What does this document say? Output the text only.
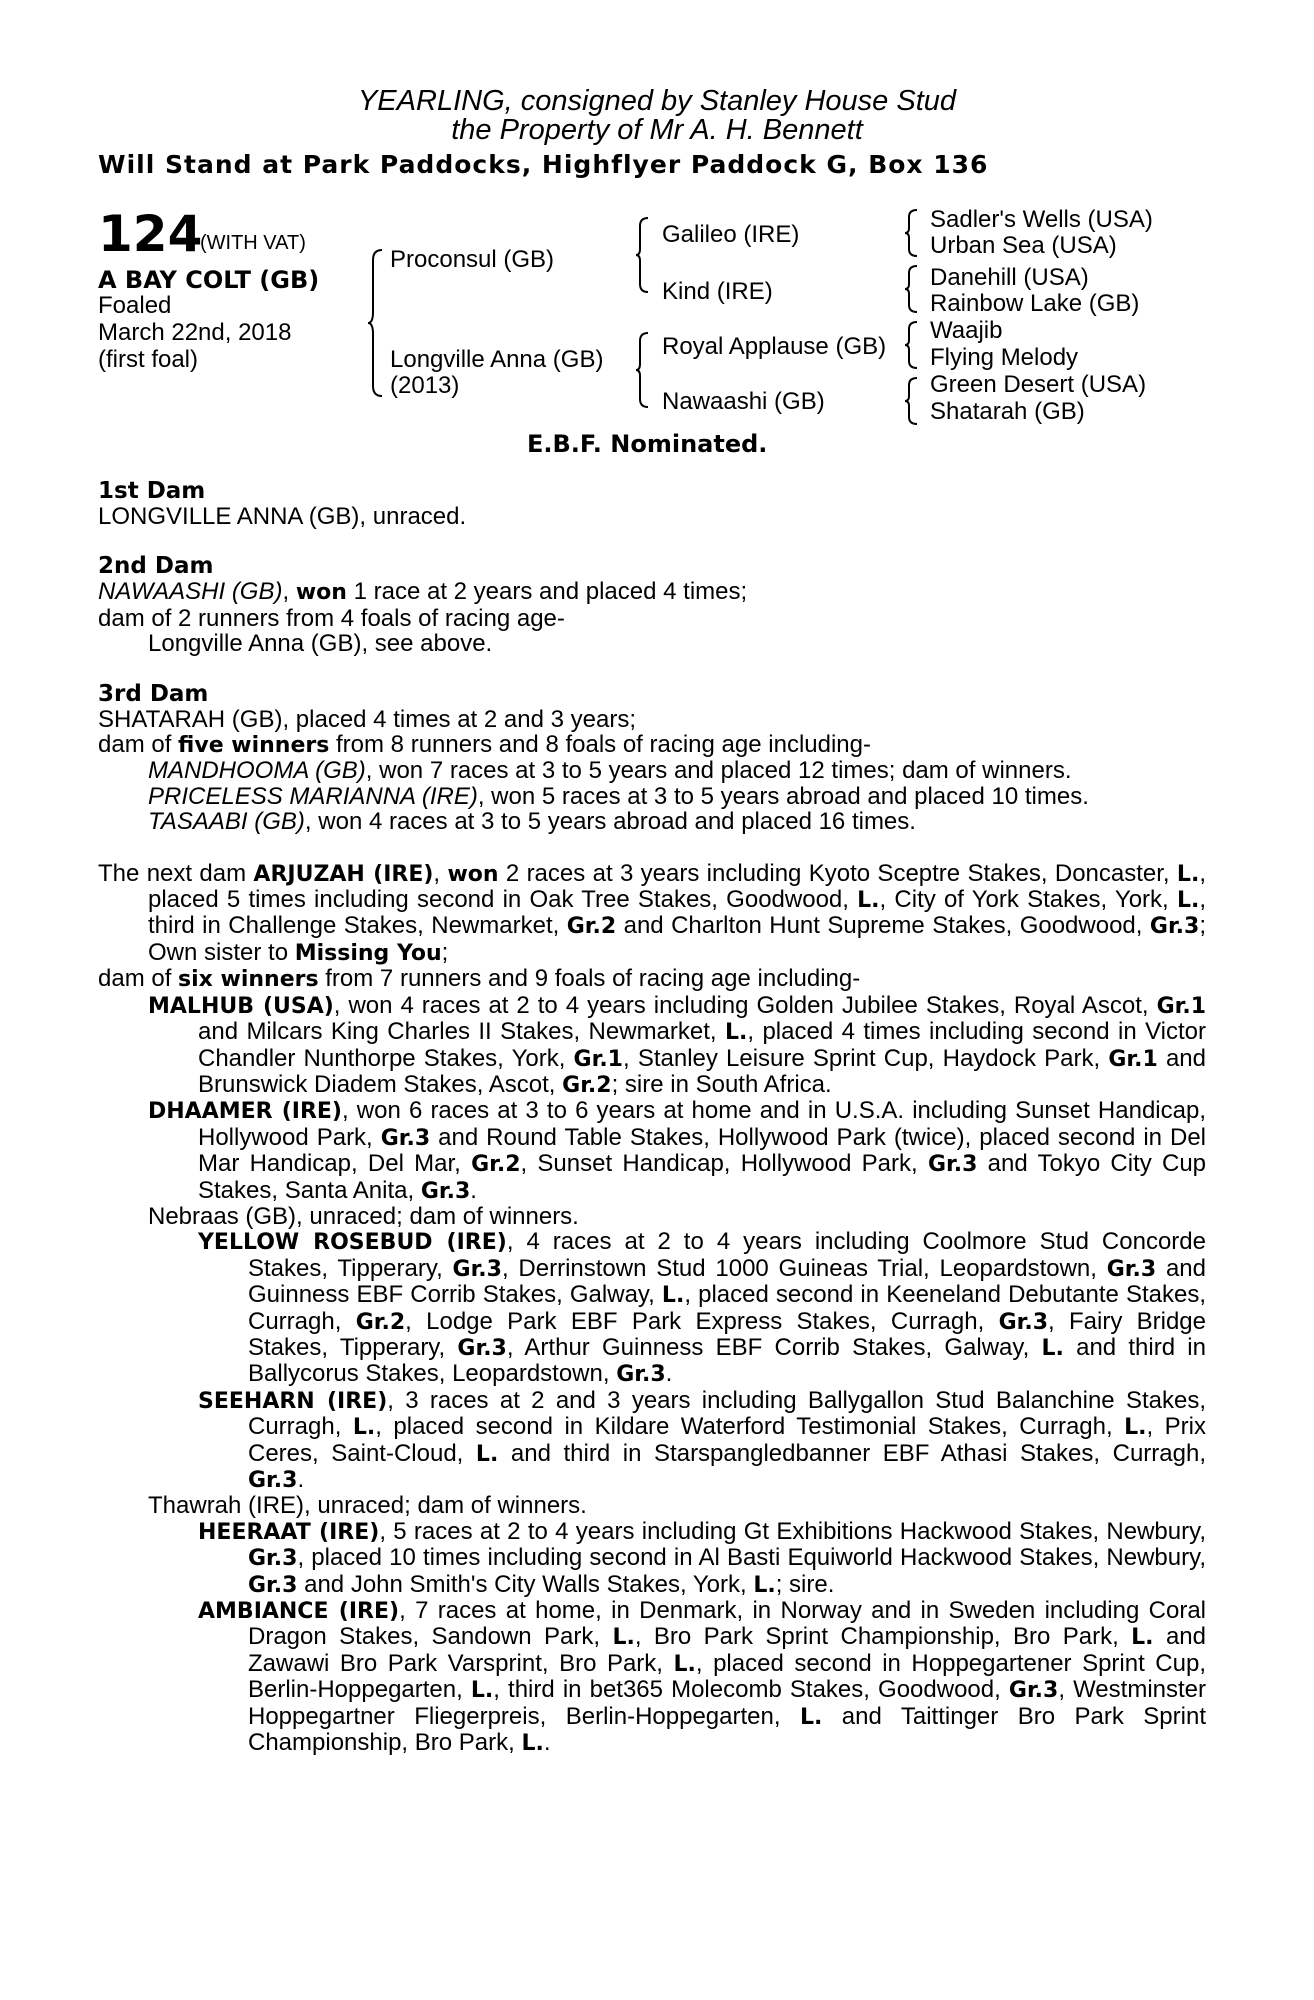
YEARLING, consigned by Stanley House Stud
the Property of Mr A. H. Bennett
Will Stand at Park Paddocks, Highflyer Paddock G, Box 136
124
(WITH VAT)
A BAY COLT (GB)
Foaled
March 22nd, 2018
(first foal)
Proconsul (GB)
Longville Anna (GB)
(2013)
Galileo (IRE)
Kind (IRE)
Royal Applause (GB)
Nawaashi (GB)
Sadler's Wells (USA)
Urban Sea (USA)
Danehill (USA)
Rainbow Lake (GB)
Waajib
Flying Melody
Green Desert (USA)
Shatarah (GB)
E.B.F. Nominated.

1st Dam

LONGVILLE ANNA (GB), unraced.

2nd Dam

NAWAASHI (GB), won 1 race at 2 years and placed 4 times;

dam of 2 runners from 4 foals of racing age-

Longville Anna (GB), see above.

3rd Dam

SHATARAH (GB), placed 4 times at 2 and 3 years;

dam of five winners from 8 runners and 8 foals of racing age including-

MANDHOOMA (GB), won 7 races at 3 to 5 years and placed 12 times; dam of winners.

PRICELESS MARIANNA (IRE), won 5 races at 3 to 5 years abroad and placed 10 times.

TASAABI (GB), won 4 races at 3 to 5 years abroad and placed 16 times.

The next dam ARJUZAH (IRE), won 2 races at 3 years including Kyoto Sceptre Stakes, Doncaster, L., placed 5 times including second in Oak Tree Stakes, Goodwood, L., City of York Stakes, York, L., third in Challenge Stakes, Newmarket, Gr.2 and Charlton Hunt Supreme Stakes, Goodwood, Gr.3; Own sister to Missing You;

dam of six winners from 7 runners and 9 foals of racing age including-

MALHUB (USA), won 4 races at 2 to 4 years including Golden Jubilee Stakes, Royal Ascot, Gr.1 and Milcars King Charles II Stakes, Newmarket, L., placed 4 times including second in Victor Chandler Nunthorpe Stakes, York, Gr.1, Stanley Leisure Sprint Cup, Haydock Park, Gr.1 and Brunswick Diadem Stakes, Ascot, Gr.2; sire in South Africa.

DHAAMER (IRE), won 6 races at 3 to 6 years at home and in U.S.A. including Sunset Handicap, Hollywood Park, Gr.3 and Round Table Stakes, Hollywood Park (twice), placed second in Del Mar Handicap, Del Mar, Gr.2, Sunset Handicap, Hollywood Park, Gr.3 and Tokyo City Cup Stakes, Santa Anita, Gr.3.

Nebraas (GB), unraced; dam of winners.

YELLOW ROSEBUD (IRE), 4 races at 2 to 4 years including Coolmore Stud Concorde Stakes, Tipperary, Gr.3, Derrinstown Stud 1000 Guineas Trial, Leopardstown, Gr.3 and Guinness EBF Corrib Stakes, Galway, L., placed second in Keeneland Debutante Stakes, Curragh, Gr.2, Lodge Park EBF Park Express Stakes, Curragh, Gr.3, Fairy Bridge Stakes, Tipperary, Gr.3, Arthur Guinness EBF Corrib Stakes, Galway, L. and third in Ballycorus Stakes, Leopardstown, Gr.3.

SEEHARN (IRE), 3 races at 2 and 3 years including Ballygallon Stud Balanchine Stakes, Curragh, L., placed second in Kildare Waterford Testimonial Stakes, Curragh, L., Prix Ceres, Saint-Cloud, L. and third in Starspangledbanner EBF Athasi Stakes, Curragh, Gr.3.

Thawrah (IRE), unraced; dam of winners.

HEERAAT (IRE), 5 races at 2 to 4 years including Gt Exhibitions Hackwood Stakes, Newbury, Gr.3, placed 10 times including second in Al Basti Equiworld Hackwood Stakes, Newbury, Gr.3 and John Smith's City Walls Stakes, York, L.; sire.

AMBIANCE (IRE), 7 races at home, in Denmark, in Norway and in Sweden including Coral Dragon Stakes, Sandown Park, L., Bro Park Sprint Championship, Bro Park, L. and Zawawi Bro Park Varsprint, Bro Park, L., placed second in Hoppegartener Sprint Cup, Berlin-Hoppegarten, L., third in bet365 Molecomb Stakes, Goodwood, Gr.3, Westminster Hoppegartner Fliegerpreis, Berlin-Hoppegarten, L. and Taittinger Bro Park Sprint Championship, Bro Park, L..
